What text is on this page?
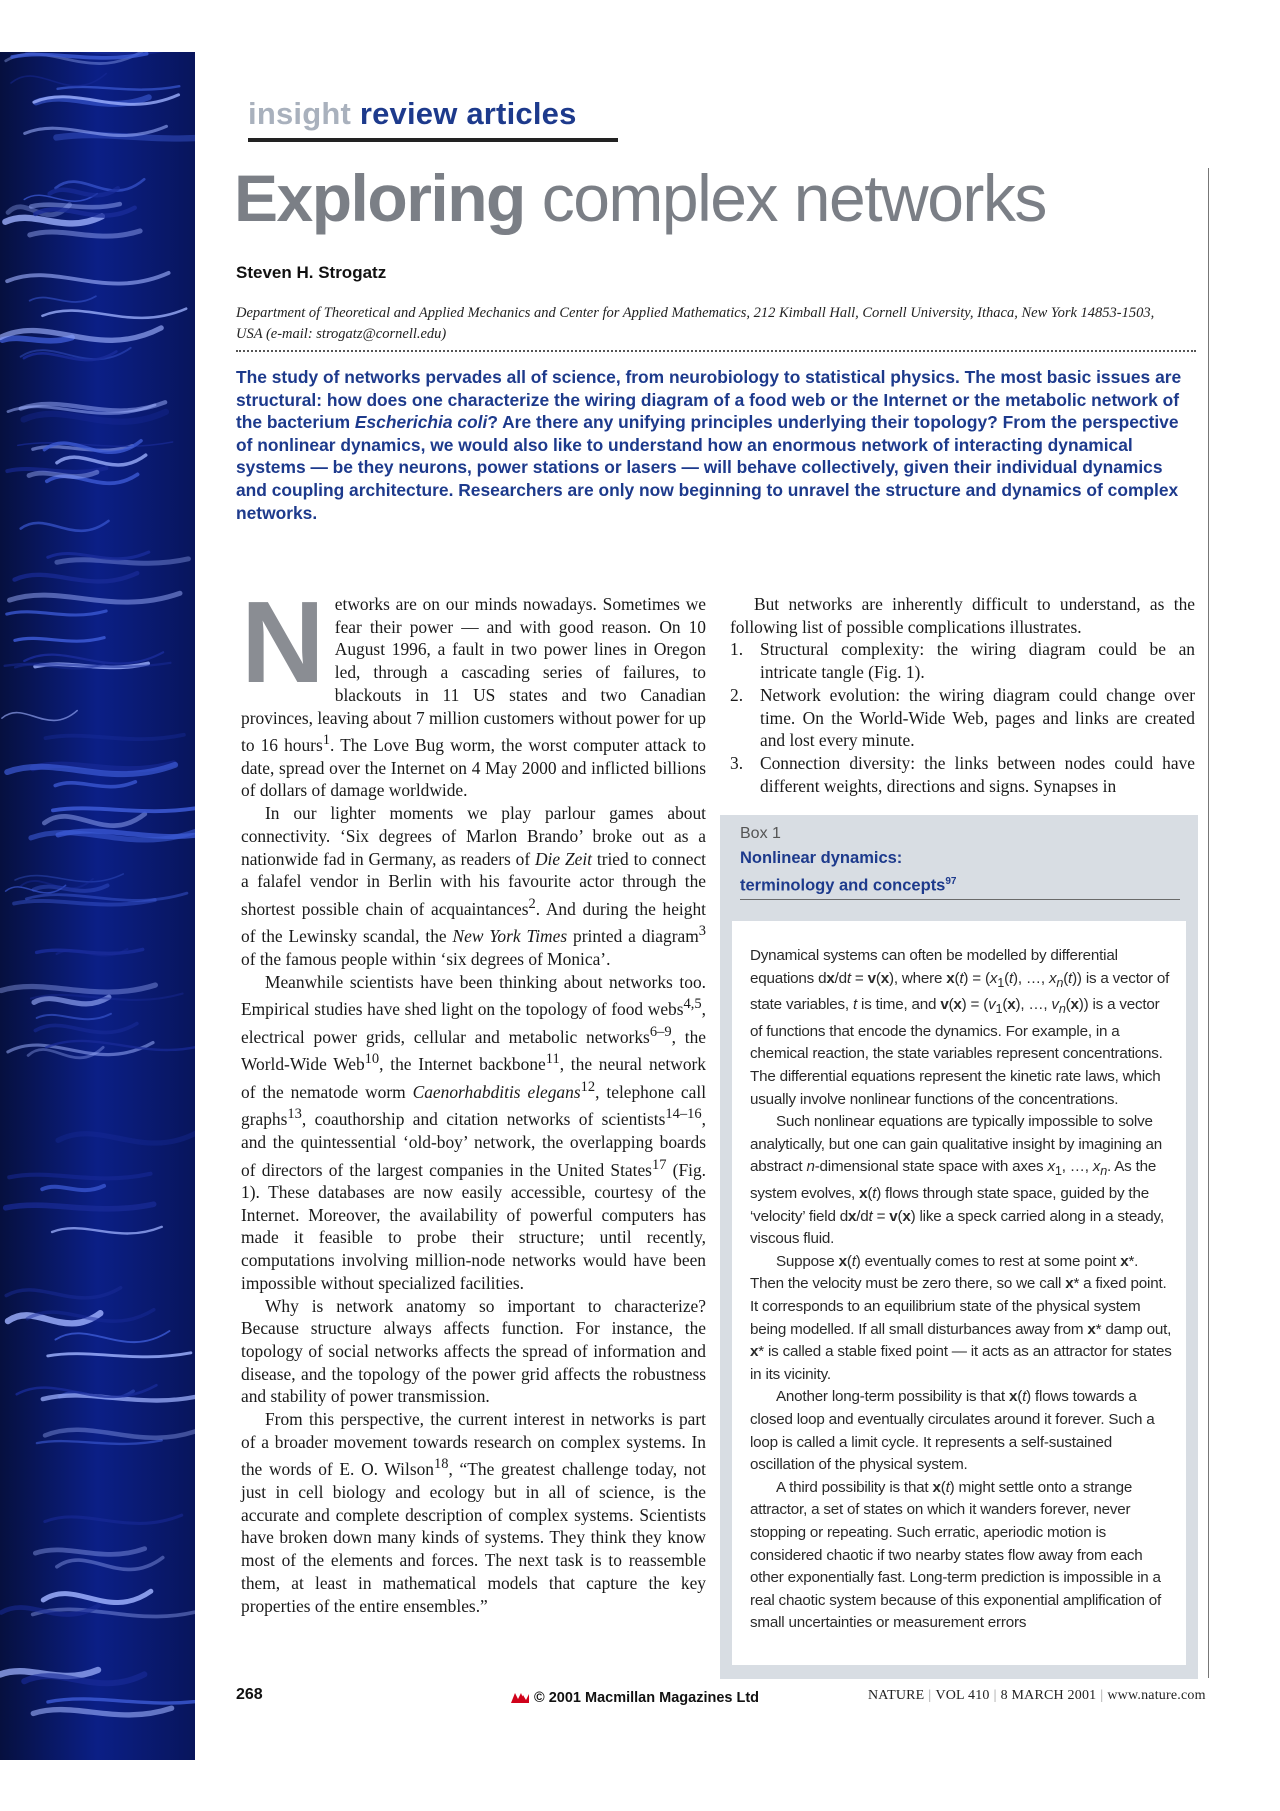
insight review articles
Exploring complex networks
Steven H. Strogatz
Department of Theoretical and Applied Mechanics and Center for Applied Mathematics, 212 Kimball Hall, Cornell University, Ithaca, New York 14853-1503, USA (e-mail: strogatz@cornell.edu)
The study of networks pervades all of science, from neurobiology to statistical physics. The most basic issues are structural: how does one characterize the wiring diagram of a food web or the Internet or the metabolic network of the bacterium Escherichia coli? Are there any unifying principles underlying their topology? From the perspective of nonlinear dynamics, we would also like to understand how an enormous network of interacting dynamical systems — be they neurons, power stations or lasers — will behave collectively, given their individual dynamics and coupling architecture. Researchers are only now beginning to unravel the structure and dynamics of complex networks.

Networks are on our minds nowadays. Sometimes we fear their power — and with good reason. On 10 August 1996, a fault in two power lines in Oregon led, through a cascading series of failures, to blackouts in 11 US states and two Canadian provinces, leaving about 7 million customers without power for up to 16 hours$^1$. The Love Bug worm, the worst computer attack to date, spread over the Internet on 4 May 2000 and inflicted billions of dollars of damage worldwide.

In our lighter moments we play parlour games about connectivity. ‘Six degrees of Marlon Brando’ broke out as a nationwide fad in Germany, as readers of Die Zeit tried to connect a falafel vendor in Berlin with his favourite actor through the shortest possible chain of acquaintances$^2$. And during the height of the Lewinsky scandal, the New York Times printed a diagram$^3$ of the famous people within ‘six degrees of Monica’.

Meanwhile scientists have been thinking about networks too. Empirical studies have shed light on the topology of food webs$^{4,5}$, electrical power grids, cellular and metabolic networks$^{6-9}$, the World-Wide Web$^{10}$, the Internet backbone$^{11}$, the neural network of the nematode worm Caenorhabditis elegans$^{12}$, telephone call graphs$^{13}$, coauthorship and citation networks of scientists$^{14-16}$, and the quintessential ‘old-boy’ network, the overlapping boards of directors of the largest companies in the United States$^{17}$ (Fig. 1). These databases are now easily accessible, courtesy of the Internet. Moreover, the availability of powerful computers has made it feasible to probe their structure; until recently, computations involving million-node networks would have been impossible without specialized facilities.

Why is network anatomy so important to characterize? Because structure always affects function. For instance, the topology of social networks affects the spread of information and disease, and the topology of the power grid affects the robustness and stability of power transmission.

From this perspective, the current interest in networks is part of a broader movement towards research on complex systems. In the words of E. O. Wilson$^{18}$, “The greatest challenge today, not just in cell biology and ecology but in all of science, is the accurate and complete description of complex systems. Scientists have broken down many kinds of systems. They think they know most of the elements and forces. The next task is to reassemble them, at least in mathematical models that capture the key properties of the entire ensembles.”

But networks are inherently difficult to understand, as the following list of possible complications illustrates.

1. Structural complexity: the wiring diagram could be an intricate tangle (Fig. 1).
2. Network evolution: the wiring diagram could change over time. On the World-Wide Web, pages and links are created and lost every minute.
3. Connection diversity: the links between nodes could have different weights, directions and signs. Synapses in
Box 1
Nonlinear dynamics:
terminology and concepts$^{97}$

Dynamical systems can often be modelled by differential equations dx/dt = v(x), where $x(t) = (x_1(t)$, …, $x_n(t)$) is a vector of state variables, t is time, and $v(x) = (v_1(x)$, …, $v_n(x)$) is a vector of functions that encode the dynamics. For example, in a chemical reaction, the state variables represent concentrations. The differential equations represent the kinetic rate laws, which usually involve nonlinear functions of the concentrations.

Such nonlinear equations are typically impossible to solve analytically, but one can gain qualitative insight by imagining an abstract n-dimensional state space with axes $x_1$, …, $x_n$. As the system evolves, x(t) flows through state space, guided by the ‘velocity’ field dx/dt = v(x) like a speck carried along in a steady, viscous fluid.

Suppose x(t) eventually comes to rest at some point x*. Then the velocity must be zero there, so we call x* a fixed point. It corresponds to an equilibrium state of the physical system being modelled. If all small disturbances away from x* damp out, x* is called a stable fixed point — it acts as an attractor for states in its vicinity.

Another long-term possibility is that x(t) flows towards a closed loop and eventually circulates around it forever. Such a loop is called a limit cycle. It represents a self-sustained oscillation of the physical system.

A third possibility is that x(t) might settle onto a strange attractor, a set of states on which it wanders forever, never stopping or repeating. Such erratic, aperiodic motion is considered chaotic if two nearby states flow away from each other exponentially fast. Long-term prediction is impossible in a real chaotic system because of this exponential amplification of small uncertainties or measurement errors

268	© 2001 Macmillan Magazines Ltd	NATURE | VOL 410 | 8 MARCH 2001 | www.nature.com
